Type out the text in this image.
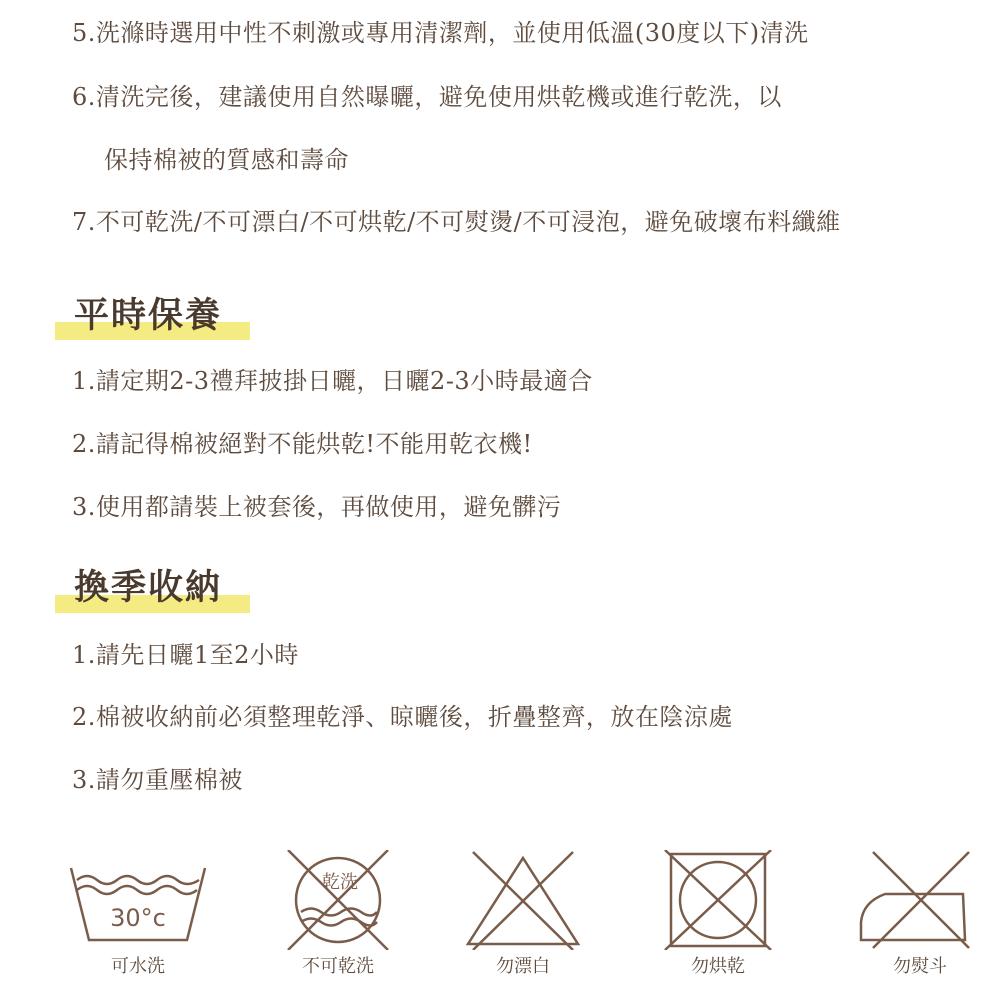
5.洗滌時選用中性不刺激或專用清潔劑，並使用低溫(30度以下)清洗
6.清洗完後，建議使用自然曝曬，避免使用烘乾機或進行乾洗，以
保持棉被的質感和壽命
7.不可乾洗/不可漂白/不可烘乾/不可熨燙/不可浸泡，避免破壞布料纖維
平時保養
1.請定期2-3禮拜披掛日曬，日曬2-3小時最適合
2.請記得棉被絕對不能烘乾!不能用乾衣機!
3.使用都請裝上被套後，再做使用，避免髒污
換季收納
1.請先日曬1至2小時
2.棉被收納前必須整理乾淨、晾曬後，折疊整齊，放在陰涼處
3.請勿重壓棉被
30°c
可水洗
乾洗
不可乾洗	勿漂白	勿烘乾	勿熨斗
